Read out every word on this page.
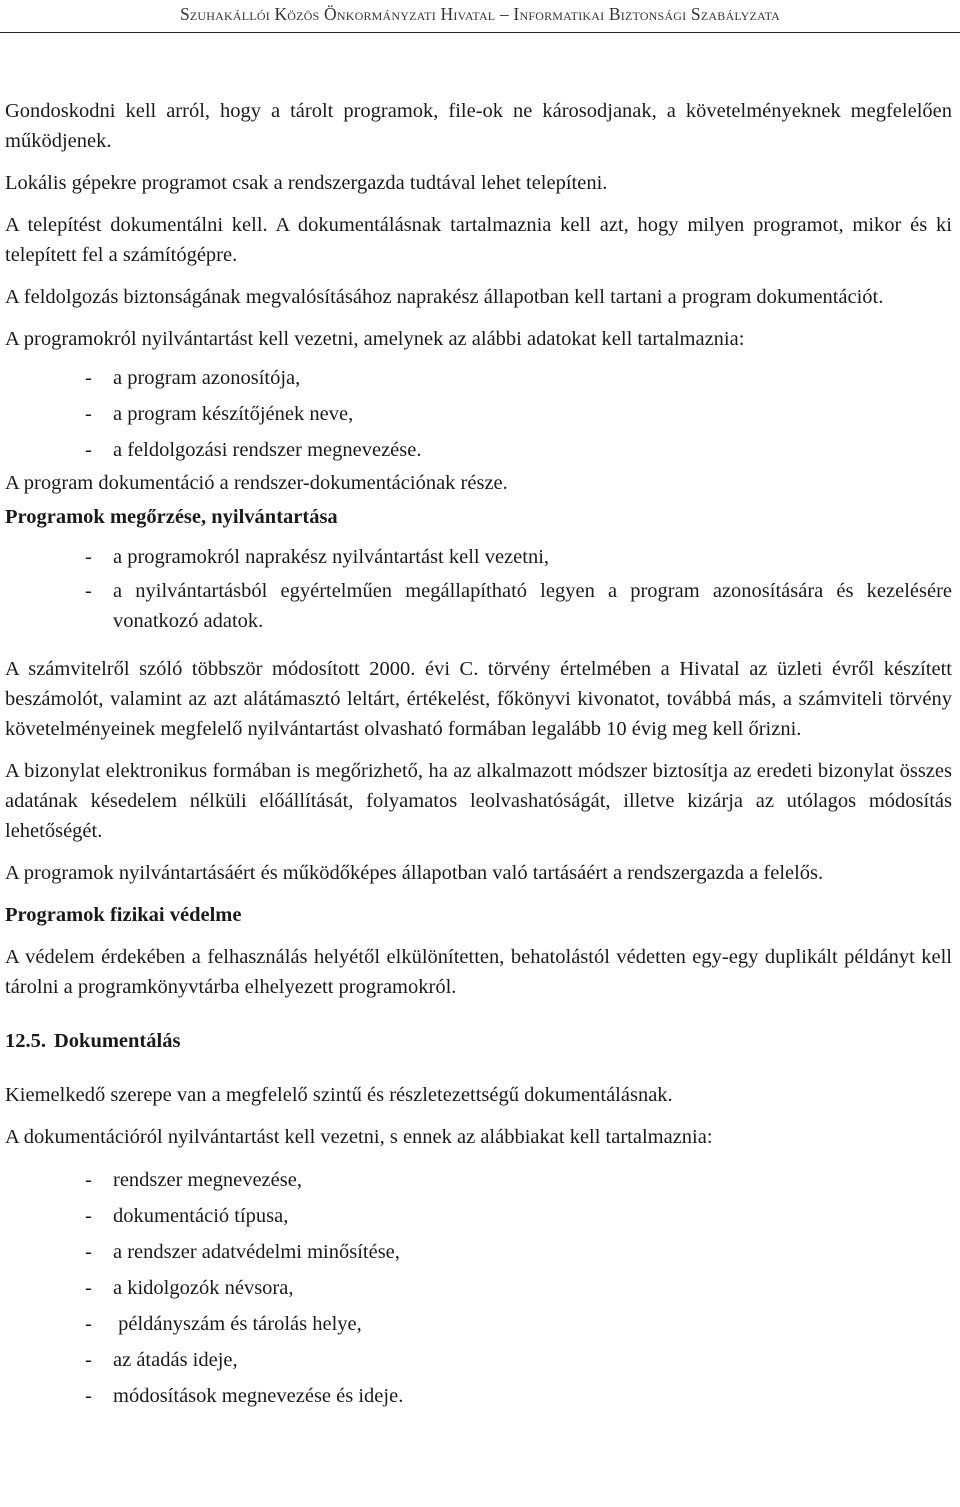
Szuhakállói Közös Önkormányzati Hivatal – Informatikai Biztonsági Szabályzata

Gondoskodni kell arról, hogy a tárolt programok, file-ok ne károsodjanak, a követelményeknek megfelelően működjenek.

Lokális gépekre programot csak a rendszergazda tudtával lehet telepíteni.

A telepítést dokumentálni kell. A dokumentálásnak tartalmaznia kell azt, hogy milyen programot, mikor és ki telepített fel a számítógépre.

A feldolgozás biztonságának megvalósításához naprakész állapotban kell tartani a program dokumentációt.

A programokról nyilvántartást kell vezetni, amelynek az alábbi adatokat kell tartalmaznia:

- a program azonosítója,
- a program készítőjének neve,
- a feldolgozási rendszer megnevezése.

A program dokumentáció a rendszer-dokumentációnak része.

Programok megőrzése, nyilvántartása
- a programokról naprakész nyilvántartást kell vezetni,
- a nyilvántartásból egyértelműen megállapítható legyen a program azonosítására és kezelésére vonatkozó adatok.

A számvitelről szóló többször módosított 2000. évi C. törvény értelmében a Hivatal az üzleti évről készített beszámolót, valamint az azt alátámasztó leltárt, értékelést, főkönyvi kivonatot, továbbá más, a számviteli törvény követelményeinek megfelelő nyilvántartást olvasható formában legalább 10 évig meg kell őrizni.

A bizonylat elektronikus formában is megőrizhető, ha az alkalmazott módszer biztosítja az eredeti bizonylat összes adatának késedelem nélküli előállítását, folyamatos leolvashatóságát, illetve kizárja az utólagos módosítás lehetőségét.

A programok nyilvántartásáért és működőképes állapotban való tartásáért a rendszergazda a felelős.

Programok fizikai védelme

A védelem érdekében a felhasználás helyétől elkülönítetten, behatolástól védetten egy-egy duplikált példányt kell tárolni a programkönyvtárba elhelyezett programokról.

12.5. Dokumentálás

Kiemelkedő szerepe van a megfelelő szintű és részletezettségű dokumentálásnak.

A dokumentációról nyilvántartást kell vezetni, s ennek az alábbiakat kell tartalmaznia:

- rendszer megnevezése,
- dokumentáció típusa,
- a rendszer adatvédelmi minősítése,
- a kidolgozók névsora,
- példányszám és tárolás helye,
- az átadás ideje,
- módosítások megnevezése és ideje.
